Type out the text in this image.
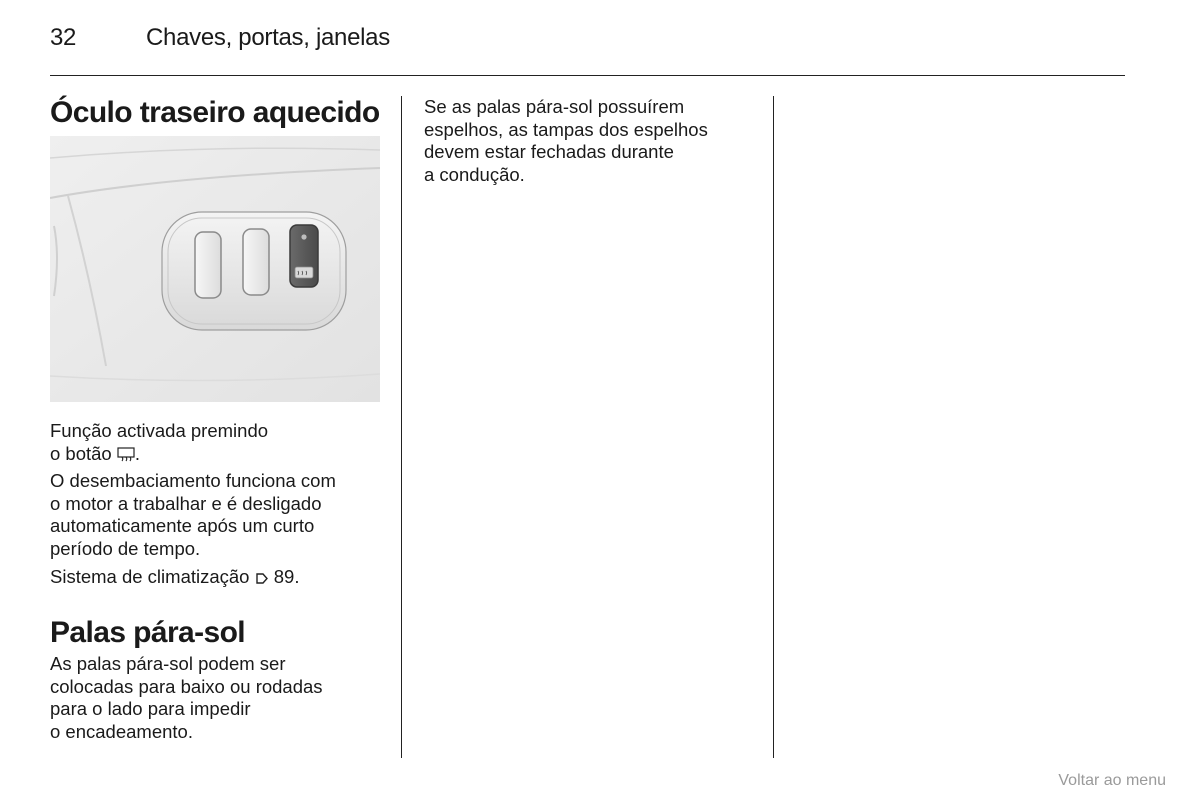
32	Chaves, portas, janelas
Óculo traseiro aquecido

Função activada premindo
o botão .

O desembaciamento funciona com
o motor a trabalhar e é desligado
automaticamente após um curto
período de tempo.

Sistema de climatização  89.

Palas pára-sol

As palas pára-sol podem ser
colocadas para baixo ou rodadas
para o lado para impedir
o encadeamento.

Se as palas pára-sol possuírem
espelhos, as tampas dos espelhos
devem estar fechadas durante
a condução.

Voltar ao menu
